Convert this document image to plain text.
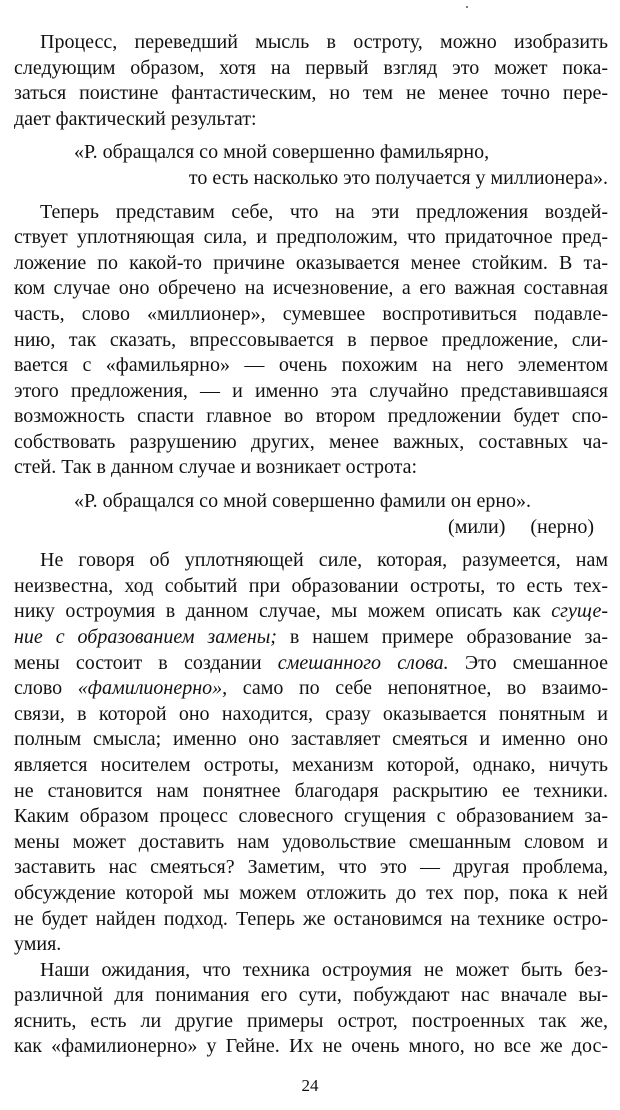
Процесс, переведший мысль в остроту, можно изобразить
следующим образом, хотя на первый взгляд это может пока-
заться поистине фантастическим, но тем не менее точно пере-
дает фактический результат:
«Р. обращался со мной совершенно фамильярно,
то есть насколько это получается у миллионера».
Теперь представим себе, что на эти предложения воздей-
ствует уплотняющая сила, и предположим, что придаточное пред-
ложение по какой-то причине оказывается менее стойким. В та-
ком случае оно обречено на исчезновение, а его важная составная
часть, слово «миллионер», сумевшее воспротивиться подавле-
нию, так сказать, впрессовывается в первое предложение, сли-
вается с «фамильярно» — очень похожим на него элементом
этого предложения, — и именно эта случайно представившаяся
возможность спасти главное во втором предложении будет спо-
собствовать разрушению других, менее важных, составных ча-
стей. Так в данном случае и возникает острота:
«Р. обращался со мной совершенно фамили он ерно».
(мили)     (нерно)
Не говоря об уплотняющей силе, которая, разумеется, нам
неизвестна, ход событий при образовании остроты, то есть тех-
нику остроумия в данном случае, мы можем описать как сгуще-
ние с образованием замены; в нашем примере образование за-
мены состоит в создании смешанного слова. Это смешанное
слово «фамилионерно», само по себе непонятное, во взаимо-
связи, в которой оно находится, сразу оказывается понятным и
полным смысла; именно оно заставляет смеяться и именно оно
является носителем остроты, механизм которой, однако, ничуть
не становится нам понятнее благодаря раскрытию ее техники.
Каким образом процесс словесного сгущения с образованием за-
мены может доставить нам удовольствие смешанным словом и
заставить нас смеяться? Заметим, что это — другая проблема,
обсуждение которой мы можем отложить до тех пор, пока к ней
24
не будет найден подход. Теперь же остановимся на технике остро-
умия.
Наши ожидания, что техника остроумия не может быть без-
различной для понимания его сути, побуждают нас вначале вы-
яснить, есть ли другие примеры острот, построенных так же,
как «фамилионерно» у Гейне. Их не очень много, но все же дос-
